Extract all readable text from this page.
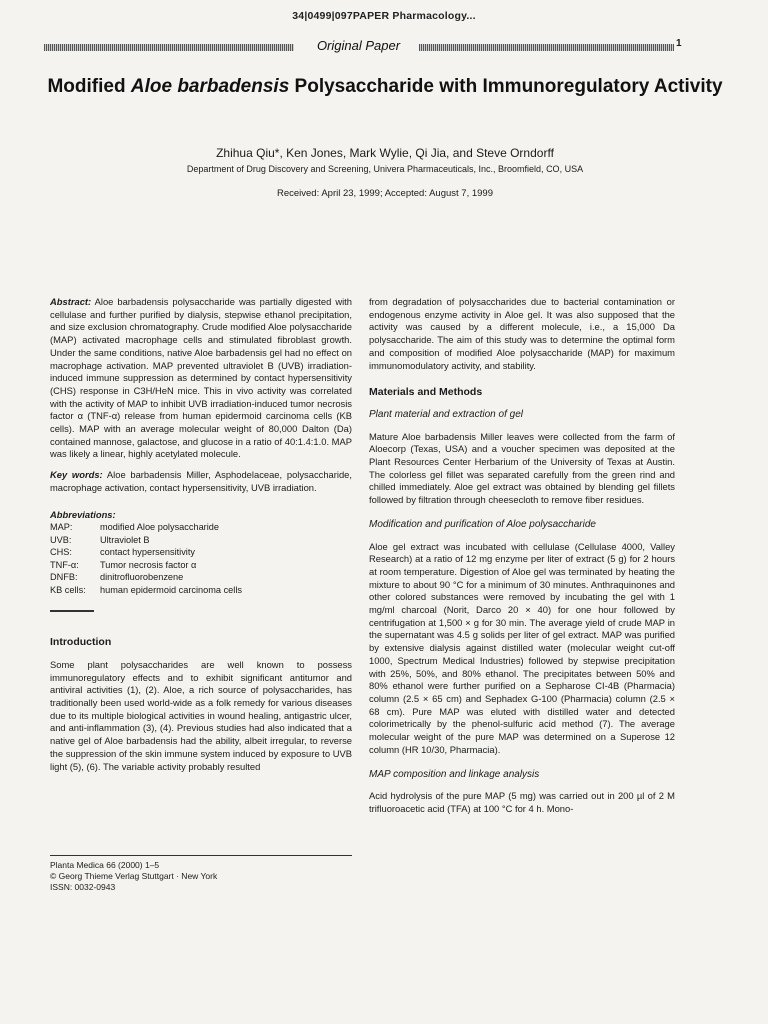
34|0499|097PAPER Pharmacology...
Original Paper	1
Modified Aloe barbadensis Polysaccharide with Immunoregulatory Activity
Zhihua Qiu*, Ken Jones, Mark Wylie, Qi Jia, and Steve Orndorff
Department of Drug Discovery and Screening, Univera Pharmaceuticals, Inc., Broomfield, CO, USA
Received: April 23, 1999; Accepted: August 7, 1999

Abstract: Aloe barbadensis polysaccharide was partially digested with cellulase and further purified by dialysis, stepwise ethanol precipitation, and size exclusion chromatography. Crude modified Aloe polysaccharide (MAP) activated macrophage cells and stimulated fibroblast growth. Under the same conditions, native Aloe barbadensis gel had no effect on macrophage activation. MAP prevented ultraviolet B (UVB) irradiation-induced immune suppression as determined by contact hypersensitivity (CHS) response in C3H/HeN mice. This in vivo activity was correlated with the activity of MAP to inhibit UVB irradiation-induced tumor necrosis factor α (TNF-α) release from human epidermoid carcinoma cells (KB cells). MAP with an average molecular weight of 80,000 Dalton (Da) contained mannose, galactose, and glucose in a ratio of 40:1.4:1.0. MAP was likely a linear, highly acetylated molecule.

Key words: Aloe barbadensis Miller, Asphodelaceae, polysaccharide, macrophage activation, contact hypersensitivity, UVB irradiation.

Abbreviations:
MAP:	modified Aloe polysaccharide
UVB:	Ultraviolet B
CHS:	contact hypersensitivity
TNF-α:	Tumor necrosis factor α
DNFB:	dinitrofluorobenzene
KB cells:	human epidermoid carcinoma cells
Introduction

Some plant polysaccharides are well known to possess immunoregulatory effects and to exhibit significant antitumor and antiviral activities (1), (2). Aloe, a rich source of polysaccharides, has traditionally been used world-wide as a folk remedy for various diseases due to its multiple biological activities in wound healing, antigastric ulcer, and anti-inflammation (3), (4). Previous studies had also indicated that a native gel of Aloe barbadensis had the ability, albeit irregular, to reverse the suppression of the skin immune system induced by exposure to UVB light (5), (6). The variable activity probably resulted

from degradation of polysaccharides due to bacterial contamination or endogenous enzyme activity in Aloe gel. It was also supposed that the activity was caused by a different molecule, i.e., a 15,000 Da polysaccharide. The aim of this study was to determine the optimal form and composition of modified Aloe polysaccharide (MAP) for maximum immunomodulatory activity, and stability.

Materials and Methods
Plant material and extraction of gel

Mature Aloe barbadensis Miller leaves were collected from the farm of Aloecorp (Texas, USA) and a voucher specimen was deposited at the Plant Resources Center Herbarium of the University of Texas at Austin. The colorless gel fillet was separated carefully from the green rind and chilled immediately. Aloe gel extract was obtained by blending gel fillets followed by filtration through cheesecloth to remove fiber residues.

Modification and purification of Aloe polysaccharide

Aloe gel extract was incubated with cellulase (Cellulase 4000, Valley Research) at a ratio of 12 mg enzyme per liter of extract (5 g) for 2 hours at room temperature. Digestion of Aloe gel was terminated by heating the mixture to about 90 °C for a minimum of 30 minutes. Anthraquinones and other colored substances were removed by incubating the gel with 1 mg/ml charcoal (Norit, Darco 20 × 40) for one hour followed by centrifugation at 1,500 × g for 30 min. The average yield of crude MAP in the supernatant was 4.5 g solids per liter of gel extract. MAP was purified by extensive dialysis against distilled water (molecular weight cut-off 1000, Spectrum Medical Industries) followed by stepwise precipitation with 25%, 50%, and 80% ethanol. The precipitates between 50% and 80% ethanol were further purified on a Sepharose CI-4B (Pharmacia) column (2.5 × 65 cm) and Sephadex G-100 (Pharmacia) column (2.5 × 68 cm). Pure MAP was eluted with distilled water and detected colorimetrically by the phenol-sulfuric acid method (7). The average molecular weight of the pure MAP was determined on a Superose 12 column (HR 10/30, Pharmacia).

MAP composition and linkage analysis

Acid hydrolysis of the pure MAP (5 mg) was carried out in 200 µl of 2 M trifluoroacetic acid (TFA) at 100 °C for 4 h. Mono-

Planta Medica 66 (2000) 1–5
© Georg Thieme Verlag Stuttgart · New York
ISSN: 0032-0943
